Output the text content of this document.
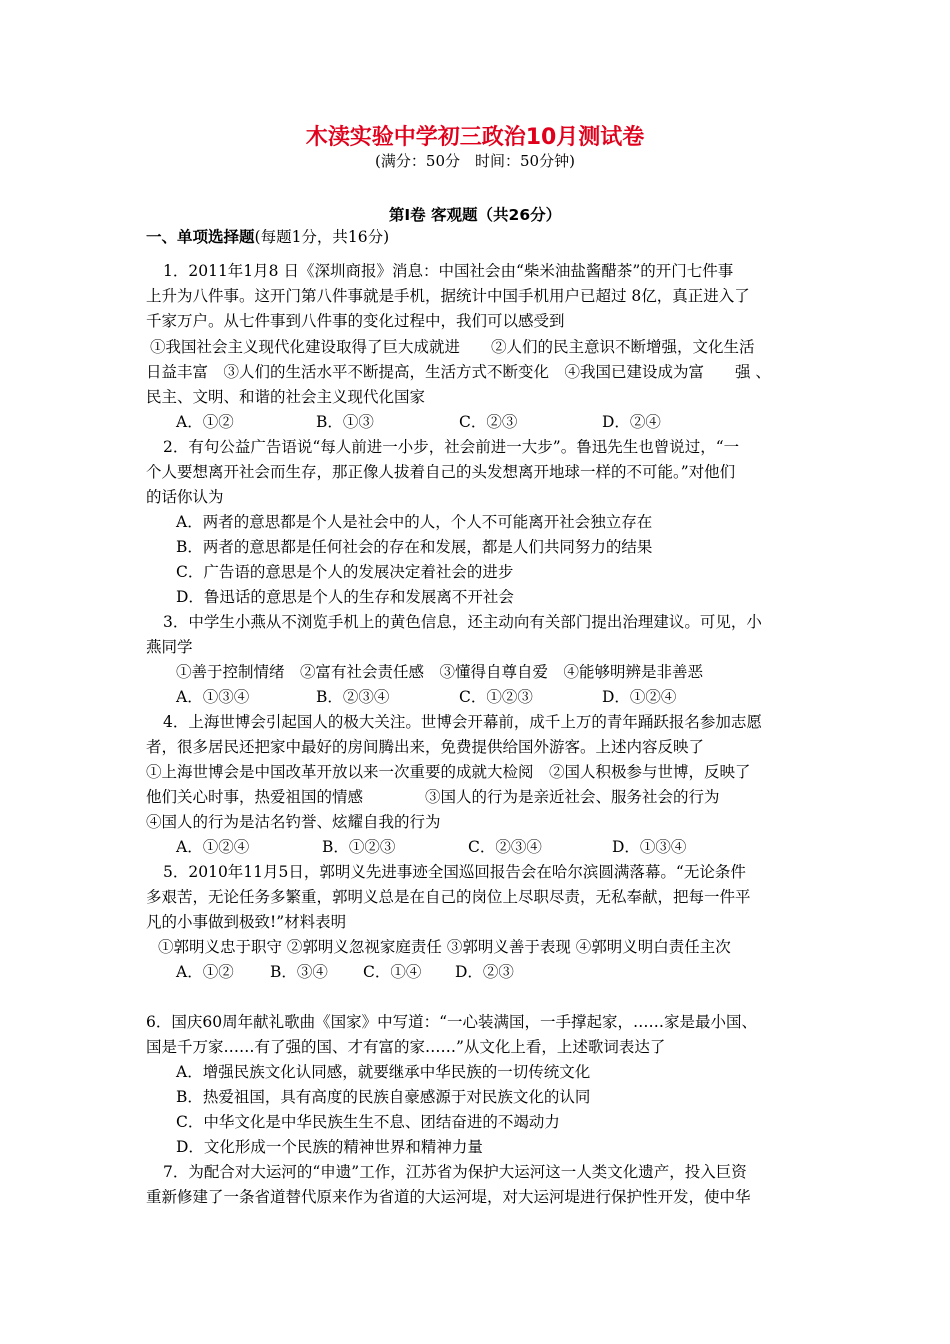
木渎实验中学初三政治10月测试卷
(满分：50分　时间：50分钟)
第Ⅰ卷 客观题（共26分）
一、单项选择题(每题1分，共16分)
1．2011年1月8 日《深圳商报》消息：中国社会由“柴米油盐酱醋茶”的开门七件事
上升为八件事。这开门第八件事就是手机，据统计中国手机用户已超过 8亿，真正进入了
千家万户。从七件事到八件事的变化过程中，我们可以感受到
①我国社会主义现代化建设取得了巨大成就进　　②人们的民主意识不断增强，文化生活
日益丰富　③人们的生活水平不断提高，生活方式不断变化　④我国已建设成为富　　强 、
民主、文明、和谐的社会主义现代化国家
A．①②	B．①③	C．②③	D．②④
2．有句公益广告语说“每人前进一小步，社会前进一大步”。鲁迅先生也曾说过，“一
个人要想离开社会而生存，那正像人拔着自己的头发想离开地球一样的不可能。”对他们
的话你认为
A．两者的意思都是个人是社会中的人，个人不可能离开社会独立存在
B．两者的意思都是任何社会的存在和发展，都是人们共同努力的结果
C．广告语的意思是个人的发展决定着社会的进步
D．鲁迅话的意思是个人的生存和发展离不开社会
3．中学生小燕从不浏览手机上的黄色信息，还主动向有关部门提出治理建议。可见，小
燕同学
①善于控制情绪　②富有社会责任感　③懂得自尊自爱　④能够明辨是非善恶
A．①③④	B．②③④	C．①②③	D．①②④
4．上海世博会引起国人的极大关注。世博会开幕前，成千上万的青年踊跃报名参加志愿
者，很多居民还把家中最好的房间腾出来，免费提供给国外游客。上述内容反映了
①上海世博会是中国改革开放以来一次重要的成就大检阅　②国人积极参与世博，反映了
他们关心时事，热爱祖国的情感　　　　③国人的行为是亲近社会、服务社会的行为
④国人的行为是沽名钓誉、炫耀自我的行为
A．①②④	B．①②③	C．②③④	D．①③④
5．2010年11月5日，郭明义先进事迹全国巡回报告会在哈尔滨圆满落幕。“无论条件
多艰苦，无论任务多繁重，郭明义总是在自己的岗位上尽职尽责，无私奉献，把每一件平
凡的小事做到极致!”材料表明
①郭明义忠于职守 ②郭明义忽视家庭责任 ③郭明义善于表现 ④郭明义明白责任主次
A．①② B．③④ C．①④ D．②③
6．国庆60周年献礼歌曲《国家》中写道：“一心装满国，一手撑起家，……家是最小国、
国是千万家……有了强的国、才有富的家……”从文化上看，上述歌词表达了
A．增强民族文化认同感，就要继承中华民族的一切传统文化
B．热爱祖国，具有高度的民族自豪感源于对民族文化的认同
C．中华文化是中华民族生生不息、团结奋进的不竭动力
D．文化形成一个民族的精神世界和精神力量
7．为配合对大运河的“申遗”工作，江苏省为保护大运河这一人类文化遗产，投入巨资
重新修建了一条省道替代原来作为省道的大运河堤，对大运河堤进行保护性开发，使中华
